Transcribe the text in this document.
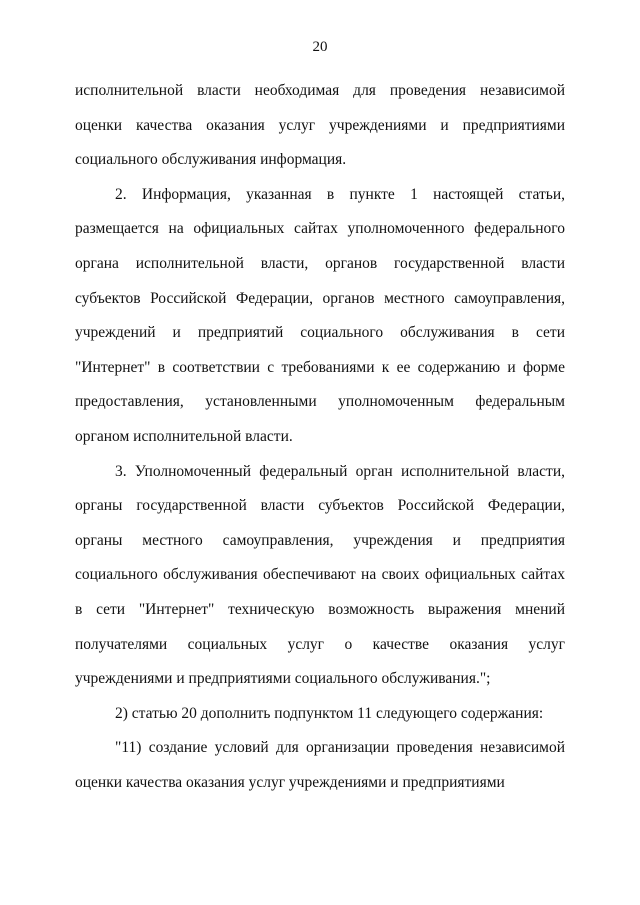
20

исполнительной власти необходимая для проведения независимой оценки качества оказания услуг учреждениями и предприятиями социального обслуживания информация.

2. Информация, указанная в пункте 1 настоящей статьи, размещается на официальных сайтах уполномоченного федерального органа исполнительной власти, органов государственной власти субъектов Российской Федерации, органов местного самоуправления, учреждений и предприятий социального обслуживания в сети "Интернет" в соответствии с требованиями к ее содержанию и форме предоставления, установленными уполномоченным федеральным органом исполнительной власти.

3. Уполномоченный федеральный орган исполнительной власти, органы государственной власти субъектов Российской Федерации, органы местного самоуправления, учреждения и предприятия социального обслуживания обеспечивают на своих официальных сайтах в сети "Интернет" техническую возможность выражения мнений получателями социальных услуг о качестве оказания услуг учреждениями и предприятиями социального обслуживания.";

2) статью 20 дополнить подпунктом 11 следующего содержания:

"11) создание условий для организации проведения независимой оценки качества оказания услуг учреждениями и предприятиями
